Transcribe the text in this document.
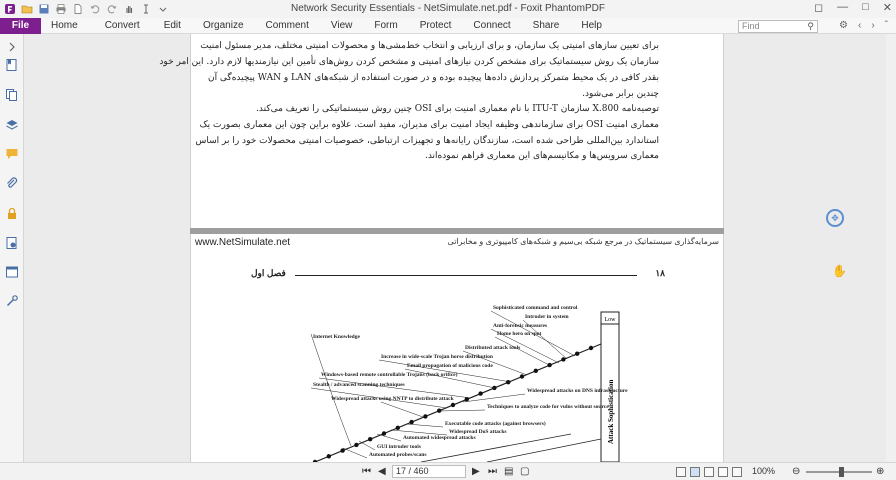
Network Security Essentials - NetSimulate.net.pdf - Foxit PhantomPDF	◻ — □ ✕
File	Home	Convert Edit Organize Comment View Form Protect Connect Share Help	Find	⚲	⚙ ‹ › ˆ
برای تعیین سازهای امنیتی یک سازمان، و برای ارزیابی و انتخاب خط‌مشی‌ها و محصولات امنیتی مختلف، مدیر مسئول امنیت
سازمان یک روش سیستماتیک برای مشخص کردن نیازهای امنیتی و مشخص کردن روش‌های تأمین این نیازمندیها لازم دارد. این امر خود
بقدر کافی در یک محیط متمرکز پردازش داده‌ها پیچیده بوده و در صورت استفاده از شبکه‌های LAN و WAN پیچیده‌گی آن
چندین برابر می‌شود.
توصیه‌نامه X.800 سازمان ITU-T با نام معماری امنیت برای OSI چنین روش سیستماتیکی را تعریف می‌کند.
معماری امنیت OSI برای سازماندهی وظیفه ایجاد امنیت برای مدیران، مفید است. علاوه براین چون این معماری بصورت یک
استاندارد بین‌المللی طراحی شده است، سازندگان رایانه‌ها و تجهیزات ارتباطی، خصوصیات امنیتی محصولات خود را بر اساس
معماری سرویس‌ها و مکانیسم‌های این معماری فراهم نموده‌اند.
www.NetSimulate.net	سرمایه‌گذاری سیستماتیک در مرجع شبکه بی‌سیم و شبکه‌های کامپیوتری و مخابراتی
۱۸
فصل اول
Low
Attack Sophistication
Sophisticated command and control
Intruder in system
Anti-forensic measures
Home hero on spot
Distributed attack tools
Email propagation of malicious code
Increase in wide-scale Trojan horse distribution
Windows-based remote controllable Trojans (back orifice)
Stealth / advanced scanning techniques
Widespread attacks using NNTP to distribute attack
Widespread attacks on DNS infrastructure
Techniques to analyze code for vulns without source
Executable code attacks (against browsers)
Widespread DoS attacks
Automated widespread attacks
GUI intruder tools
Automated probes/scans
Internet Knowledge
✥
✋
⏮ ◀	17 / 460	▶ ⏭ ▤ ▢	100% ⊖	⊕
